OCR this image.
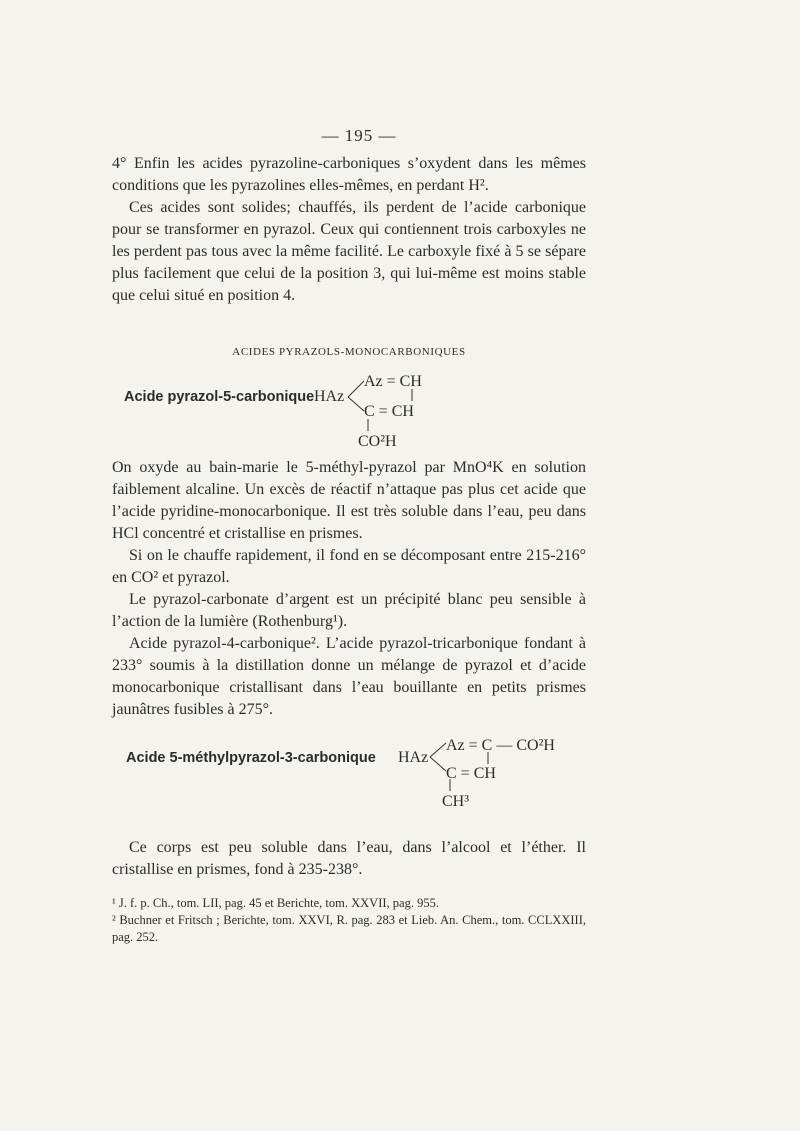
— 195 —

4° Enfin les acides pyrazoline-carboniques s’oxydent dans les mêmes conditions que les pyrazolines elles-mêmes, en perdant H².

Ces acides sont solides; chauffés, ils perdent de l’acide carbonique pour se transformer en pyrazol. Ceux qui contiennent trois carboxyles ne les perdent pas tous avec la même facilité. Le carboxyle fixé à 5 se sépare plus facilement que celui de la position 3, qui lui-même est moins stable que celui situé en position 4.

ACIDES PYRAZOLS-MONOCARBONIQUES
Acide pyrazol-5-carbonique HAz
Az = CH
C = CH
CO²H

On oxyde au bain-marie le 5-méthyl-pyrazol par MnO⁴K en solution faiblement alcaline. Un excès de réactif n’attaque pas plus cet acide que l’acide pyridine-monocarbonique. Il est très soluble dans l’eau, peu dans HCl concentré et cristallise en prismes.

Si on le chauffe rapidement, il fond en se décomposant entre 215-216° en CO² et pyrazol.

Le pyrazol-carbonate d’argent est un précipité blanc peu sensible à l’action de la lumière (Rothenburg¹).

Acide pyrazol-4-carbonique². L’acide pyrazol-tricarbonique fondant à 233° soumis à la distillation donne un mélange de pyrazol et d’acide monocarbonique cristallisant dans l’eau bouillante en petits prismes jaunâtres fusibles à 275°.

Acide 5-méthylpyrazol-3-carbonique HAz
Az = C — CO²H
C = CH
CH³

Ce corps est peu soluble dans l’eau, dans l’alcool et l’éther. Il cristallise en prismes, fond à 235-238°.

¹ J. f. p. Ch., tom. LII, pag. 45 et Berichte, tom. XXVII, pag. 955.

² Buchner et Fritsch ; Berichte, tom. XXVI, R. pag. 283 et Lieb. An. Chem., tom. CCLXXIII, pag. 252.
